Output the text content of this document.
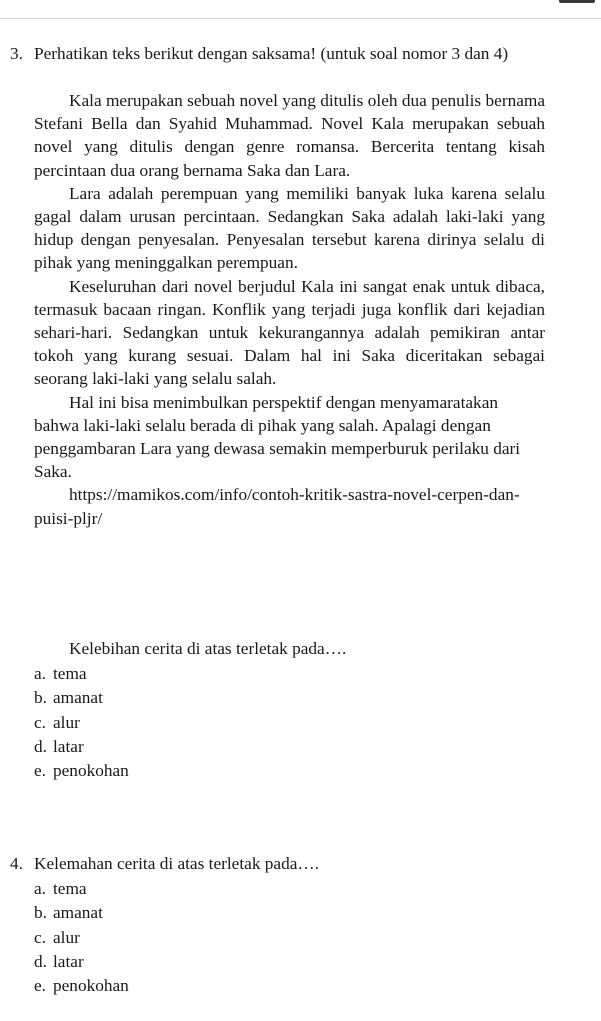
3. Perhatikan teks berikut dengan saksama! (untuk soal nomor 3 dan 4)

Kala merupakan sebuah novel yang ditulis oleh dua penulis bernama Stefani Bella dan Syahid Muhammad. Novel Kala merupakan sebuah novel yang ditulis dengan genre romansa. Bercerita tentang kisah percintaan dua orang bernama Saka dan Lara.

Lara adalah perempuan yang memiliki banyak luka karena selalu gagal dalam urusan percintaan. Sedangkan Saka adalah laki-laki yang hidup dengan penyesalan. Penyesalan tersebut karena dirinya selalu di pihak yang meninggalkan perempuan.

Keseluruhan dari novel berjudul Kala ini sangat enak untuk dibaca, termasuk bacaan ringan. Konflik yang terjadi juga konflik dari kejadian sehari-hari. Sedangkan untuk kekurangannya adalah pemikiran antar tokoh yang kurang sesuai. Dalam hal ini Saka diceritakan sebagai seorang laki-laki yang selalu salah.

Hal ini bisa menimbulkan perspektif dengan menyamaratakan bahwa laki-laki selalu berada di pihak yang salah. Apalagi dengan penggambaran Lara yang dewasa semakin memperburuk perilaku dari Saka.

https://mamikos.com/info/contoh-kritik-sastra-novel-cerpen-dan-puisi-pljr/

Kelebihan cerita di atas terletak pada….

a. tema
b. amanat
c. alur
d. latar
e. penokohan
4. Kelemahan cerita di atas terletak pada….
a. tema
b. amanat
c. alur
d. latar
e. penokohan
